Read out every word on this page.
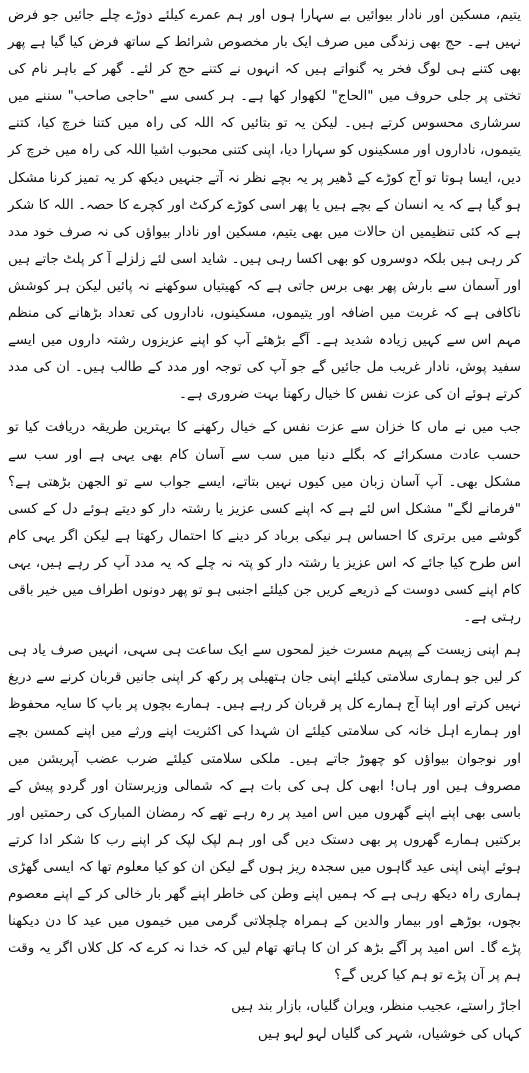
یتیم، مسکین اور نادار بیوائیں بے سہارا ہوں اور ہم عمرے کیلئے دوڑے چلے جائیں جو فرض نہیں ہے۔ حج بھی زندگی میں صرف ایک بار مخصوص شرائط کے ساتھ فرض کیا گیا ہے پھر بھی کتنے ہی لوگ فخر یہ گنواتے ہیں کہ انہوں نے کتنے حج کر لئے۔ گھر کے باہر نام کی تختی پر جلی حروف میں "الحاج" لکھوار کھا ہے۔ ہر کسی سے "حاجی صاحب" سننے میں سرشاری محسوس کرتے ہیں۔ لیکن یہ تو بتائیں کہ اللہ کی راہ میں کتنا خرچ کیا، کتنے یتیموں، ناداروں اور مسکینوں کو سہارا دیا، اپنی کتنی محبوب اشیا اللہ کی راہ میں خرچ کر دیں، ایسا ہوتا تو آج کوڑے کے ڈھیر پر یہ بچے نظر نہ آتے جنہیں دیکھ کر یہ تمیز کرنا مشکل ہو گیا ہے کہ یہ انسان کے بچے ہیں یا پھر اسی کوڑے کرکٹ اور کچرے کا حصہ۔ اللہ کا شکر ہے کہ کئی تنظیمیں ان حالات میں بھی یتیم، مسکین اور نادار بیواؤں کی نہ صرف خود مدد کر رہی ہیں بلکہ دوسروں کو بھی اکسا رہی ہیں۔ شاید اسی لئے زلزلے آ کر پلٹ جاتے ہیں اور آسمان سے بارش پھر بھی برس جاتی ہے کہ کھیتیاں سوکھنے نہ پائیں لیکن ہر کوشش ناکافی ہے کہ غربت میں اضافہ اور یتیموں، مسکینوں، ناداروں کی تعداد بڑھانے کی منظم مہم اس سے کہیں زیادہ شدید ہے۔ آگے بڑھئے آپ کو اپنے عزیزوں رشتہ داروں میں ایسے سفید پوش، نادار غریب مل جائیں گے جو آپ کی توجہ اور مدد کے طالب ہیں۔ ان کی مدد کرتے ہوئے ان کی عزت نفس کا خیال رکھنا بہت ضروری ہے۔

جب میں نے ماں ‎کا‎ خزان سے عزت نفس کے خیال رکھنے کا بہترین طریقہ دریافت کیا تو حسب عادت مسکرائے کہ بگلے دنیا میں سب سے آسان کام بھی یہی ہے اور سب سے مشکل بھی۔ آپ آسان زبان میں کیوں نہیں بتاتے، ایسے جواب سے تو الجھن بڑھتی ہے؟ "فرمانے لگے" مشکل اس لئے ہے کہ اپنے کسی عزیز یا رشتہ دار کو دیتے ہوئے دل کے کسی گوشے میں برتری کا احساس ہر نیکی برباد کر دینے کا احتمال رکھتا ہے لیکن اگر یہی کام اس طرح کیا جائے کہ اس عزیز یا رشتہ دار کو پتہ نہ چلے کہ یہ مدد آپ کر رہے ہیں، یہی کام اپنے کسی دوست کے ذریعے کریں جن کیلئے اجنبی ہو تو پھر دونوں اطراف میں خیر باقی رہتی ہے۔

ہم اپنی زیست کے پیہم مسرت خیز لمحوں سے ایک ساعت ہی سہی، انہیں صرف یاد ہی کر لیں جو ہماری سلامتی کیلئے اپنی جان ہتھیلی پر رکھ کر اپنی جانیں قربان کرنے سے دریغ نہیں کرتے اور اپنا آج ہمارے کل پر قربان کر رہے ہیں۔ ہمارے بچوں پر باپ کا سایہ محفوظ اور ہمارے اہل خانہ کی سلامتی کیلئے ان شہدا کی اکثریت اپنے ورثے میں اپنے کمسن بچے اور نوجوان بیواؤں کو چھوڑ جاتے ہیں۔ ملکی سلامتی کیلئے ضرب عضب آپریشن میں مصروف ہیں اور ہاں! ابھی کل ہی کی بات ہے کہ شمالی وزیرستان اور گردو پیش کے باسی بھی اپنے اپنے گھروں میں اس امید پر رہ رہے تھے کہ رمضان المبارک کی رحمتیں اور برکتیں ہمارے گھروں پر بھی دستک دیں گی اور ہم لپک لپک کر اپنے رب کا شکر ادا کرتے ہوئے اپنی اپنی عید گاہوں میں سجدہ ریز ہوں گے لیکن ان کو کیا معلوم تھا کہ ایسی گھڑی ہماری راہ دیکھ رہی ہے کہ ہمیں اپنے وطن کی خاطر اپنے گھر بار خالی کر کے اپنے معصوم بچوں، بوڑھے اور بیمار والدین کے ہمراہ چلچلاتی گرمی میں خیموں میں عید کا دن دیکھنا پڑے گا۔ اس امید پر آگے بڑھ کر ان کا ہاتھ تھام لیں کہ خدا نہ کرے کہ کل کلاں اگر یہ وقت ہم پر آن پڑے تو ہم کیا کریں گے؟

اجاڑ راستے، عجیب منظر، ویران گلیاں، بازار بند ہیں

کہاں کی خوشیاں، شہر کی گلیاں لہو لہو ہیں
